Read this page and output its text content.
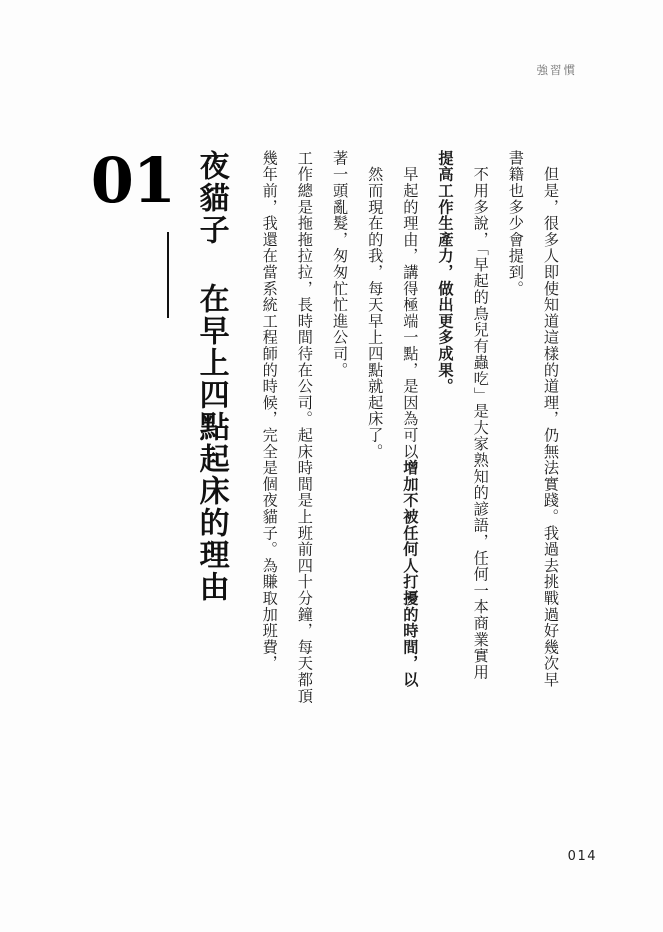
強習慣
01 夜貓子 在早上四點起床的理由	幾年前，我還在當系統工程師的時候，完全是個夜貓子。為賺取加班費，	工作總是拖拖拉拉，長時間待在公司。起床時間是上班前四十分鐘，每天都頂	著一頭亂髮，匆匆忙忙進公司。	　然而現在的我，每天早上四點就起床了。	　早起的理由，講得極端一點，是因為可以增加不被任何人打擾的時間，以
提高工作生產力，做出更多成果。	　不用多說，「早起的鳥兒有蟲吃」是大家熟知的諺語，任何一本商業實用	書籍也多少會提到。	　但是，很多人即使知道這樣的道理，仍無法實踐。我過去挑戰過好幾次早
014
